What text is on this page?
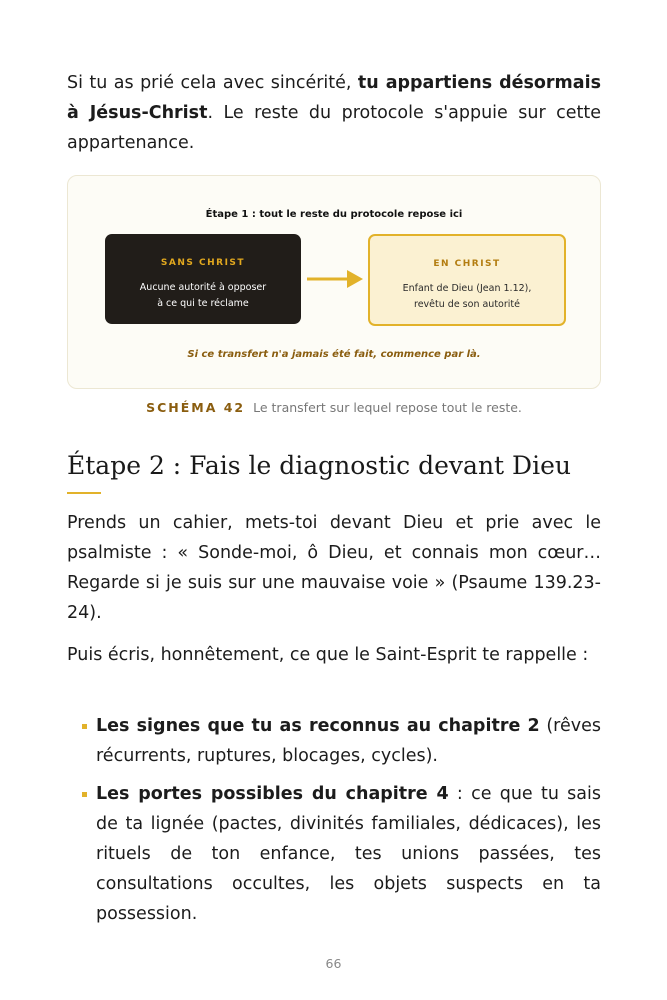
Si tu as prié cela avec sincérité, tu appartiens désormais à Jésus-Christ. Le reste du protocole s'appuie sur cette appartenance.

Étape 1 : tout le reste du protocole repose ici
SANS CHRIST
Aucune autorité à opposer
à ce qui te réclame
EN CHRIST
Enfant de Dieu (Jean 1.12),
revêtu de son autorité
Si ce transfert n'a jamais été fait, commence par là.
SCHÉMA 42 Le transfert sur lequel repose tout le reste.
Étape 2 : Fais le diagnostic devant Dieu

Prends un cahier, mets-toi devant Dieu et prie avec le psalmiste : « Sonde-moi, ô Dieu, et connais mon cœur… Regarde si je suis sur une mauvaise voie » (Psaume 139.23-24).

Puis écris, honnêtement, ce que le Saint-Esprit te rappelle :

Les signes que tu as reconnus au chapitre 2 (rêves récurrents, ruptures, blocages, cycles).
Les portes possibles du chapitre 4 : ce que tu sais de ta lignée (pactes, divinités familiales, dédicaces), les rituels de ton enfance, tes unions passées, tes consultations occultes, les objets suspects en ta possession.
66
